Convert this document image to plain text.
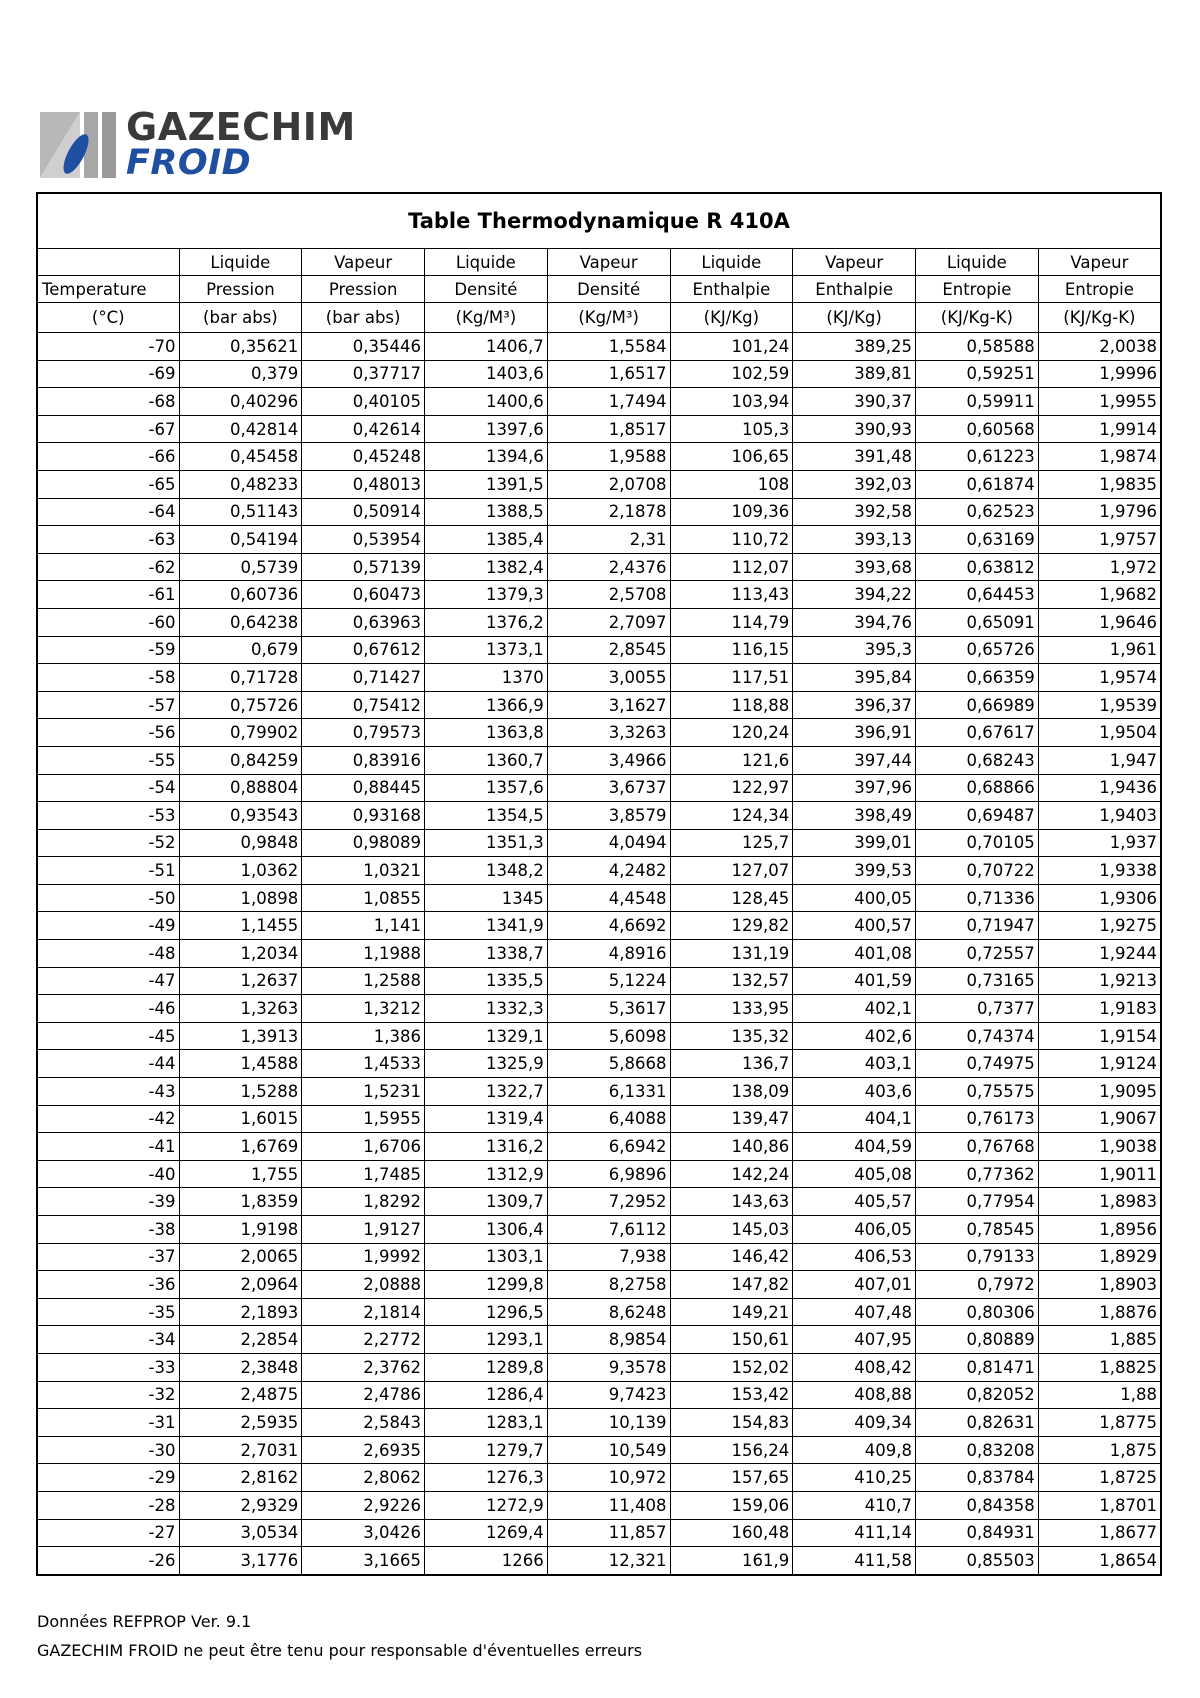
GAZECHIM
FROID
Table Thermodynamique R 410A								
	Liquide	Vapeur	Liquide	Vapeur	Liquide	Vapeur	Liquide	Vapeur
Temperature	Pression	Pression	Densité	Densité	Enthalpie	Enthalpie	Entropie	Entropie
(°C)	(bar abs)	(bar abs)	(Kg/M³)	(Kg/M³)	(KJ/Kg)	(KJ/Kg)	(KJ/Kg-K)	(KJ/Kg-K)
-70	0,35621	0,35446	1406,7	1,5584	101,24	389,25	0,58588	2,0038
-69	0,379	0,37717	1403,6	1,6517	102,59	389,81	0,59251	1,9996
-68	0,40296	0,40105	1400,6	1,7494	103,94	390,37	0,59911	1,9955
-67	0,42814	0,42614	1397,6	1,8517	105,3	390,93	0,60568	1,9914
-66	0,45458	0,45248	1394,6	1,9588	106,65	391,48	0,61223	1,9874
-65	0,48233	0,48013	1391,5	2,0708	108	392,03	0,61874	1,9835
-64	0,51143	0,50914	1388,5	2,1878	109,36	392,58	0,62523	1,9796
-63	0,54194	0,53954	1385,4	2,31	110,72	393,13	0,63169	1,9757
-62	0,5739	0,57139	1382,4	2,4376	112,07	393,68	0,63812	1,972
-61	0,60736	0,60473	1379,3	2,5708	113,43	394,22	0,64453	1,9682
-60	0,64238	0,63963	1376,2	2,7097	114,79	394,76	0,65091	1,9646
-59	0,679	0,67612	1373,1	2,8545	116,15	395,3	0,65726	1,961
-58	0,71728	0,71427	1370	3,0055	117,51	395,84	0,66359	1,9574
-57	0,75726	0,75412	1366,9	3,1627	118,88	396,37	0,66989	1,9539
-56	0,79902	0,79573	1363,8	3,3263	120,24	396,91	0,67617	1,9504
-55	0,84259	0,83916	1360,7	3,4966	121,6	397,44	0,68243	1,947
-54	0,88804	0,88445	1357,6	3,6737	122,97	397,96	0,68866	1,9436
-53	0,93543	0,93168	1354,5	3,8579	124,34	398,49	0,69487	1,9403
-52	0,9848	0,98089	1351,3	4,0494	125,7	399,01	0,70105	1,937
-51	1,0362	1,0321	1348,2	4,2482	127,07	399,53	0,70722	1,9338
-50	1,0898	1,0855	1345	4,4548	128,45	400,05	0,71336	1,9306
-49	1,1455	1,141	1341,9	4,6692	129,82	400,57	0,71947	1,9275
-48	1,2034	1,1988	1338,7	4,8916	131,19	401,08	0,72557	1,9244
-47	1,2637	1,2588	1335,5	5,1224	132,57	401,59	0,73165	1,9213
-46	1,3263	1,3212	1332,3	5,3617	133,95	402,1	0,7377	1,9183
-45	1,3913	1,386	1329,1	5,6098	135,32	402,6	0,74374	1,9154
-44	1,4588	1,4533	1325,9	5,8668	136,7	403,1	0,74975	1,9124
-43	1,5288	1,5231	1322,7	6,1331	138,09	403,6	0,75575	1,9095
-42	1,6015	1,5955	1319,4	6,4088	139,47	404,1	0,76173	1,9067
-41	1,6769	1,6706	1316,2	6,6942	140,86	404,59	0,76768	1,9038
-40	1,755	1,7485	1312,9	6,9896	142,24	405,08	0,77362	1,9011
-39	1,8359	1,8292	1309,7	7,2952	143,63	405,57	0,77954	1,8983
-38	1,9198	1,9127	1306,4	7,6112	145,03	406,05	0,78545	1,8956
-37	2,0065	1,9992	1303,1	7,938	146,42	406,53	0,79133	1,8929
-36	2,0964	2,0888	1299,8	8,2758	147,82	407,01	0,7972	1,8903
-35	2,1893	2,1814	1296,5	8,6248	149,21	407,48	0,80306	1,8876
-34	2,2854	2,2772	1293,1	8,9854	150,61	407,95	0,80889	1,885
-33	2,3848	2,3762	1289,8	9,3578	152,02	408,42	0,81471	1,8825
-32	2,4875	2,4786	1286,4	9,7423	153,42	408,88	0,82052	1,88
-31	2,5935	2,5843	1283,1	10,139	154,83	409,34	0,82631	1,8775
-30	2,7031	2,6935	1279,7	10,549	156,24	409,8	0,83208	1,875
-29	2,8162	2,8062	1276,3	10,972	157,65	410,25	0,83784	1,8725
-28	2,9329	2,9226	1272,9	11,408	159,06	410,7	0,84358	1,8701
-27	3,0534	3,0426	1269,4	11,857	160,48	411,14	0,84931	1,8677
-26	3,1776	3,1665	1266	12,321	161,9	411,58	0,85503	1,8654
Données REFPROP Ver. 9.1
GAZECHIM FROID ne peut être tenu pour responsable d'éventuelles erreurs
